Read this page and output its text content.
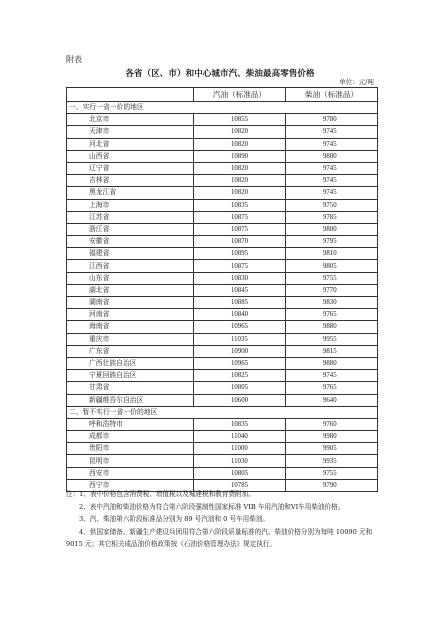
附表
各省（区、市）和中心城市汽、柴油最高零售价格
单位：元/吨
	汽油（标准品）	柴油（标准品）
一、实行一省一价的地区		
北京市	10855	9780
天津市	10820	9745
河北省	10820	9745
山西省	10890	9800
辽宁省	10820	9745
吉林省	10820	9745
黑龙江省	10820	9745
上海市	10835	9750
江苏省	10875	9785
浙江省	10875	9800
安徽省	10870	9795
福建省	10895	9810
江西省	10875	9805
山东省	10830	9755
湖北省	10845	9770
湖南省	10885	9830
河南省	10840	9765
海南省	10965	9880
重庆市	11035	9955
广东省	10900	9815
广西壮族自治区	10965	9880
宁夏回族自治区	10825	9745
甘肃省	10805	9765
新疆维吾尔自治区	10600	9640
二、暂不实行一省一价的地区		
呼和浩特市	10835	9760
成都市	11040	9980
贵阳市	11000	9905
昆明市	11030	9935
西安市	10805	9755
西宁市	10785	9790

注：1、表中价格包含消费税、增值税以及城建税和教育费附加。

2、表中汽油和柴油价格为符合第六阶段强制性国家标准 VIB 车用汽油和VI车用柴油价格。

3、汽、柴油第六阶段标准品分别为 89 号汽油和 0 号车用柴油。

4、供国家储备、新疆生产建设兵团用符合第六阶段质量标准的汽、柴油价格分别为每吨 10090 元和 9015 元；其它相关成品油价格政策按《石油价格管理办法》规定执行。
